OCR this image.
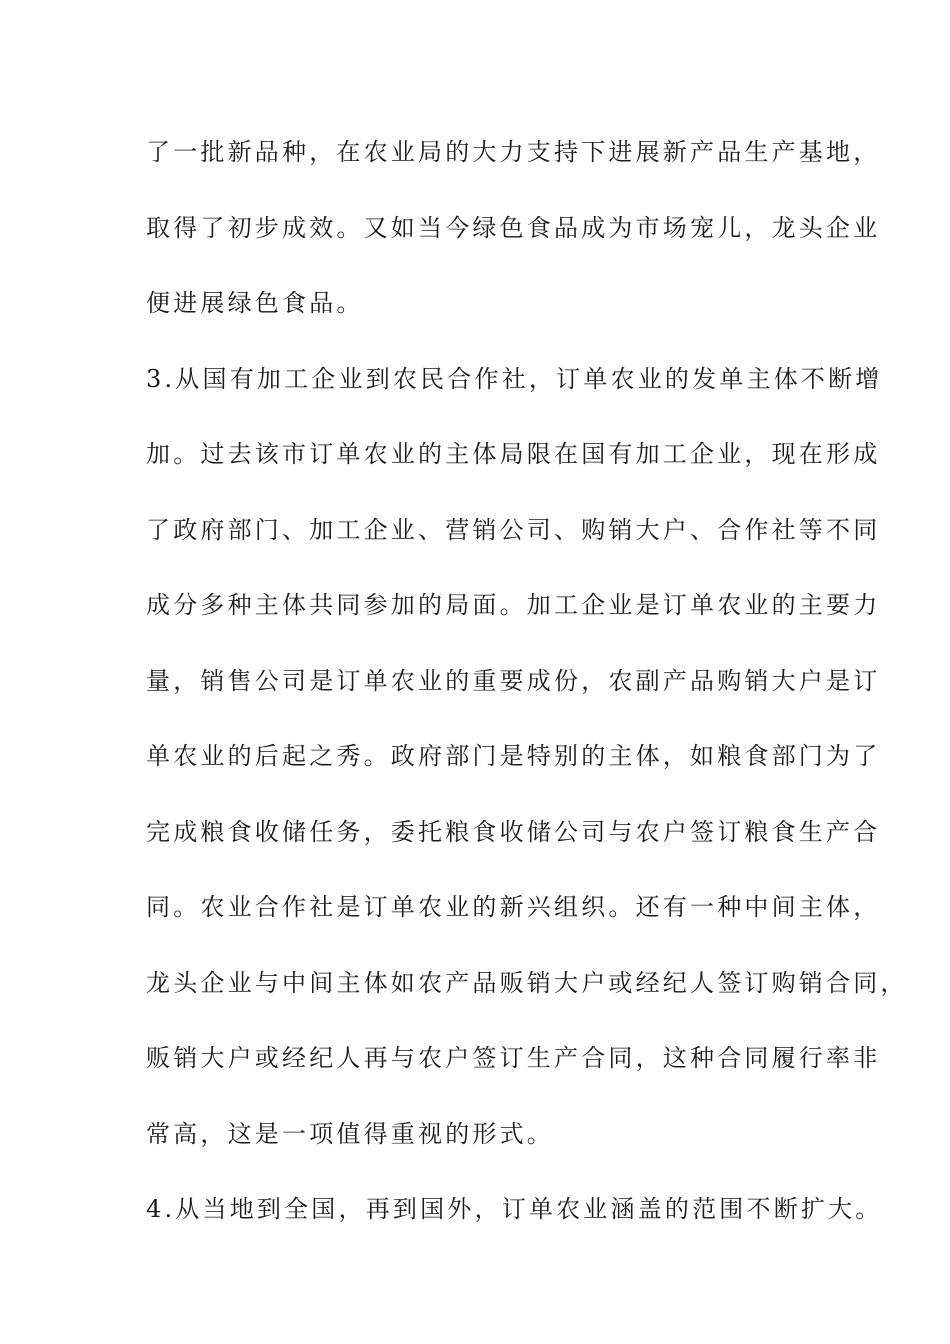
了一批新品种，在农业局的大力支持下进展新产品生产基地，
取得了初步成效。又如当今绿色食品成为市场宠儿，龙头企业
便进展绿色食品。
3.从国有加工企业到农民合作社，订单农业的发单主体不断增
加。过去该市订单农业的主体局限在国有加工企业，现在形成
了政府部门、加工企业、营销公司、购销大户、合作社等不同
成分多种主体共同参加的局面。加工企业是订单农业的主要力
量，销售公司是订单农业的重要成份，农副产品购销大户是订
单农业的后起之秀。政府部门是特别的主体，如粮食部门为了
完成粮食收储任务，委托粮食收储公司与农户签订粮食生产合
同。农业合作社是订单农业的新兴组织。还有一种中间主体，
龙头企业与中间主体如农产品贩销大户或经纪人签订购销合同，
贩销大户或经纪人再与农户签订生产合同，这种合同履行率非
常高，这是一项值得重视的形式。
4.从当地到全国，再到国外，订单农业涵盖的范围不断扩大。
